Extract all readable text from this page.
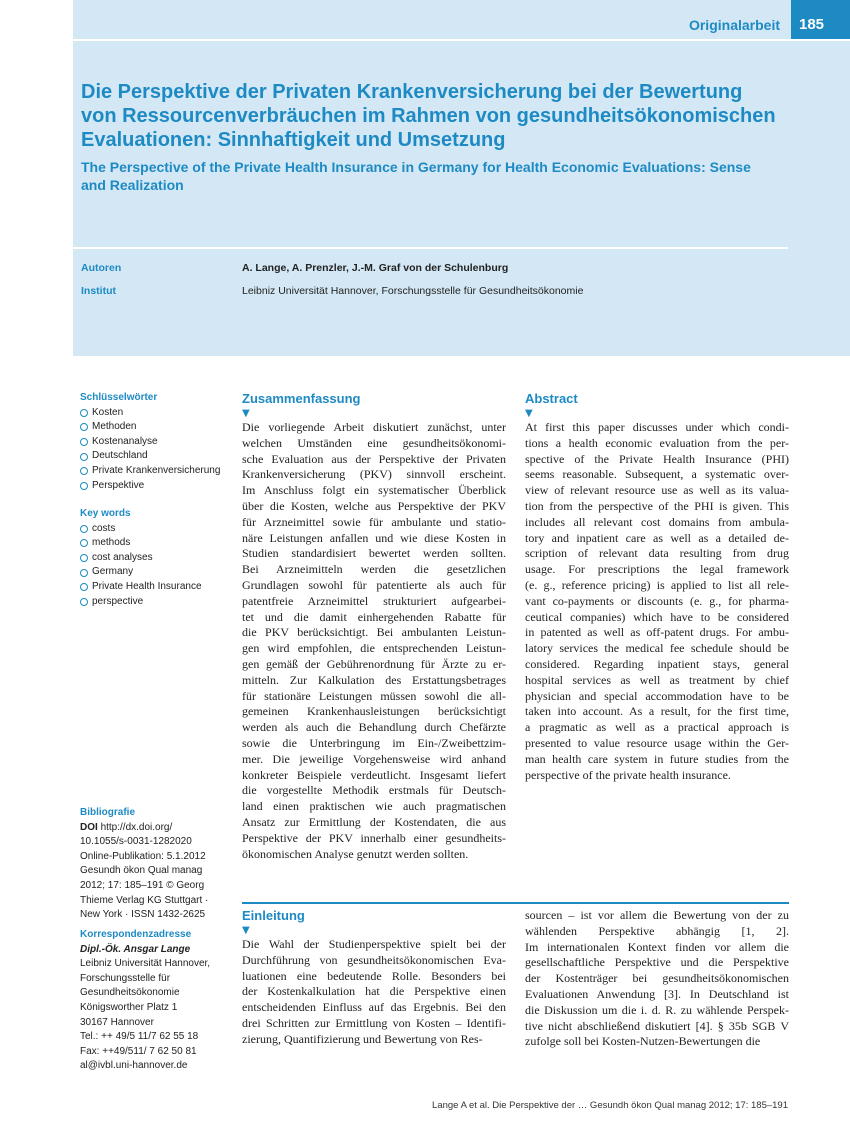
Originalarbeit	185
Die Perspektive der Privaten Krankenversicherung bei der Bewertung von Ressourcenverbräuchen im Rahmen von gesundheitsökonomischen Evaluationen: Sinnhaftigkeit und Umsetzung
The Perspective of the Private Health Insurance in Germany for Health Economic Evaluations: Sense and Realization
Autoren	A. Lange, A. Prenzler, J.-M. Graf von der Schulenburg
Institut	Leibniz Universität Hannover, Forschungsstelle für Gesundheitsökonomie
Schlüsselwörter
Kosten
Methoden
Kostenanalyse
Deutschland
Private Krankenversicherung
Perspektive
Key words
costs
methods
cost analyses
Germany
Private Health Insurance
perspective
Bibliografie
DOI http://dx.doi.org/
10.1055/s-0031-1282020
Online-Publikation: 5.1.2012
Gesundh ökon Qual manag
2012; 17: 185–191 © Georg
Thieme Verlag KG Stuttgart ·
New York · ISSN 1432-2625
Korrespondenzadresse
Dipl.-Ök. Ansgar Lange
Leibniz Universität Hannover,
Forschungsstelle für
Gesundheitsökonomie
Königsworther Platz 1
30167 Hannover
Tel.: ++ 49/5 11/7 62 55 18
Fax: ++49/511/ 7 62 50 81
al@ivbl.uni-hannover.de
Zusammenfassung
▼
Die vorliegende Arbeit diskutiert zunächst, unter
welchen Umständen eine gesundheitsökonomi-
sche Evaluation aus der Perspektive der Privaten
Krankenversicherung (PKV) sinnvoll erscheint.
Im Anschluss folgt ein systematischer Überblick
über die Kosten, welche aus Perspektive der PKV
für Arzneimittel sowie für ambulante und statio-
näre Leistungen anfallen und wie diese Kosten in
Studien standardisiert bewertet werden sollten.
Bei Arzneimitteln werden die gesetzlichen
Grundlagen sowohl für patentierte als auch für
patentfreie Arzneimittel strukturiert aufgearbei-
tet und die damit einhergehenden Rabatte für
die PKV berücksichtigt. Bei ambulanten Leistun-
gen wird empfohlen, die entsprechenden Leistun-
gen gemäß der Gebührenordnung für Ärzte zu er-
mitteln. Zur Kalkulation des Erstattungsbetrages
für stationäre Leistungen müssen sowohl die all-
gemeinen Krankenhausleistungen berücksichtigt
werden als auch die Behandlung durch Chefärzte
sowie die Unterbringung im Ein-/Zweibettzim-
mer. Die jeweilige Vorgehensweise wird anhand
konkreter Beispiele verdeutlicht. Insgesamt liefert
die vorgestellte Methodik erstmals für Deutsch-
land einen praktischen wie auch pragmatischen
Ansatz zur Ermittlung der Kostendaten, die aus
Perspektive der PKV innerhalb einer gesundheits-
ökonomischen Analyse genutzt werden sollten.
Abstract
▼
At first this paper discusses under which condi-
tions a health economic evaluation from the per-
spective of the Private Health Insurance (PHI)
seems reasonable. Subsequent, a systematic over-
view of relevant resource use as well as its valua-
tion from the perspective of the PHI is given. This
includes all relevant cost domains from ambula-
tory and inpatient care as well as a detailed de-
scription of relevant data resulting from drug
usage. For prescriptions the legal framework
(e. g., reference pricing) is applied to list all rele-
vant co-payments or discounts (e. g., for pharma-
ceutical companies) which have to be considered
in patented as well as off-patent drugs. For ambu-
latory services the medical fee schedule should be
considered. Regarding inpatient stays, general
hospital services as well as treatment by chief
physician and special accommodation have to be
taken into account. As a result, for the first time,
a pragmatic as well as a practical approach is
presented to value resource usage within the Ger-
man health care system in future studies from the
perspective of the private health insurance.
Einleitung
▼
Die Wahl der Studienperspektive spielt bei der
Durchführung von gesundheitsökonomischen Eva-
luationen eine bedeutende Rolle. Besonders bei
der Kostenkalkulation hat die Perspektive einen
entscheidenden Einfluss auf das Ergebnis. Bei den
drei Schritten zur Ermittlung von Kosten – Identifi-
zierung, Quantifizierung und Bewertung von Res-
sourcen – ist vor allem die Bewertung von der zu
wählenden Perspektive abhängig [1, 2].
Im internationalen Kontext finden vor allem die
gesellschaftliche Perspektive und die Perspektive
der Kostenträger bei gesundheitsökonomischen
Evaluationen Anwendung [3]. In Deutschland ist
die Diskussion um die i. d. R. zu wählende Perspek-
tive nicht abschließend diskutiert [4]. § 35b SGB V
zufolge soll bei Kosten-Nutzen-Bewertungen die
Lange A et al. Die Perspektive der … Gesundh ökon Qual manag 2012; 17: 185–191
